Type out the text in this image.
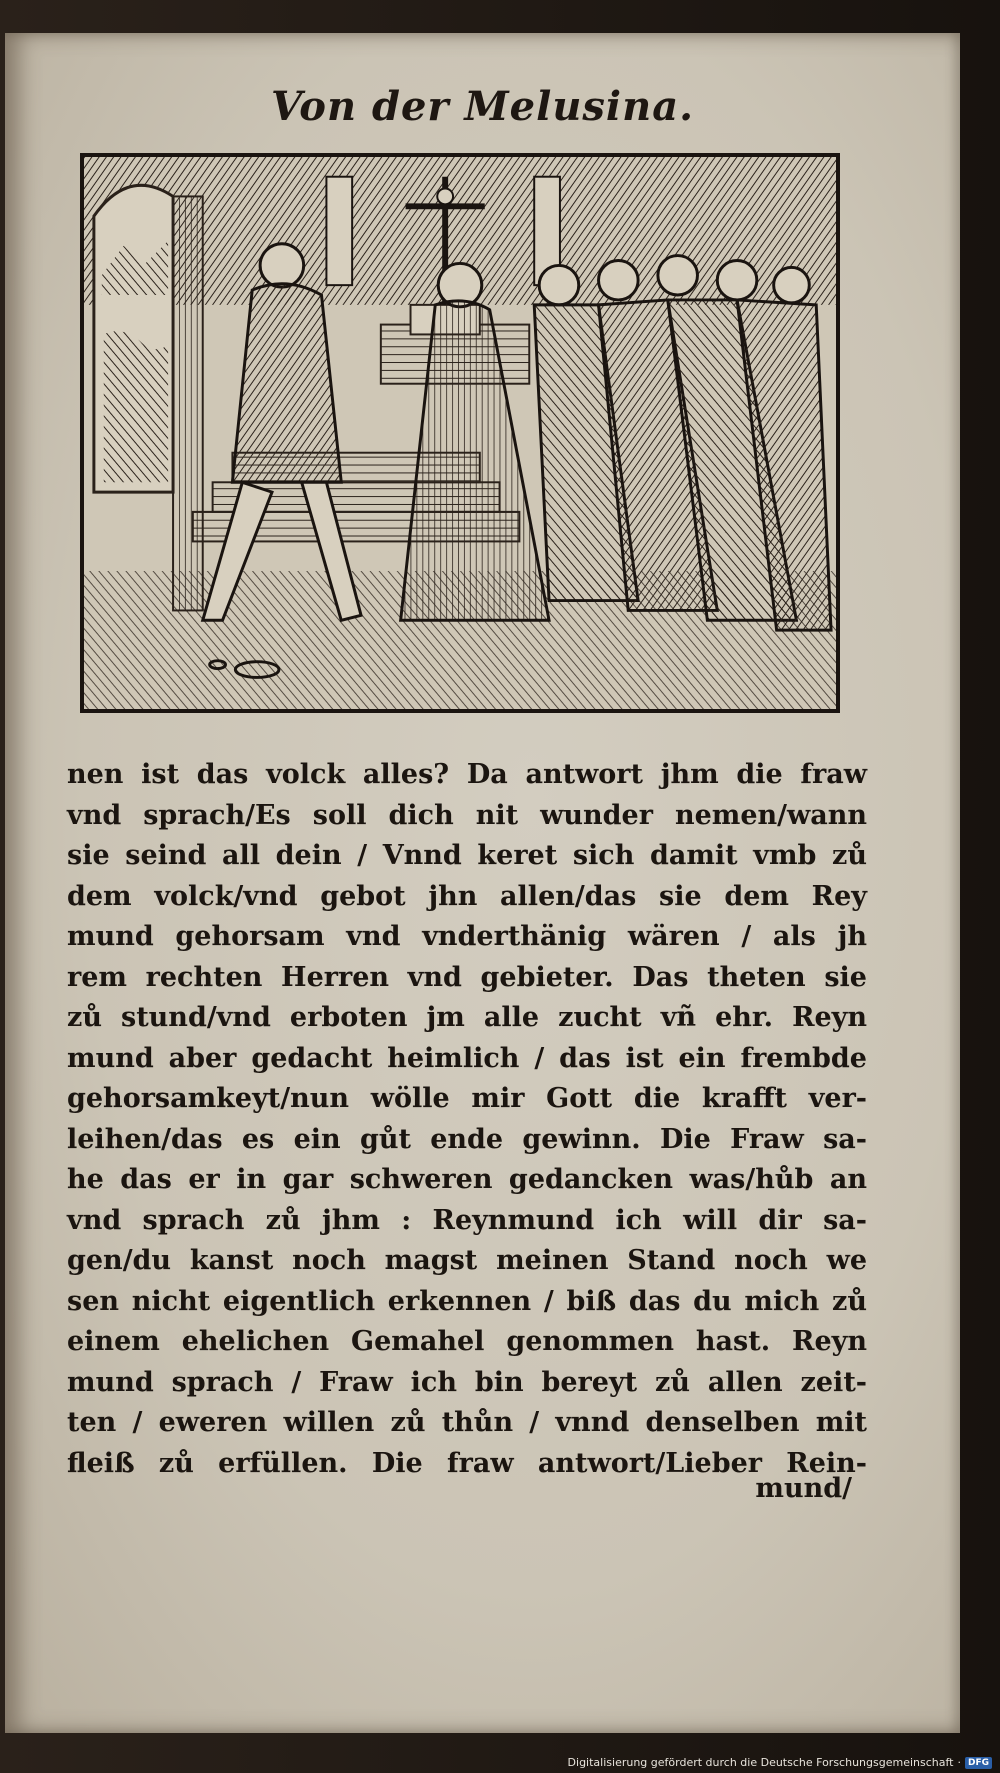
Von der Melusina.
nen ist das volck alles? Da antwort jhm die fraw
vnd sprach/Es soll dich nit wunder nemen/wann
sie seind all dein / Vnnd keret sich damit vmb zů
dem volck/vnd gebot jhn allen/das sie dem Rey
mund gehorsam vnd vnderthänig wären / als jh
rem rechten Herren vnd gebieter. Das theten sie
zů stund/vnd erboten jm alle zucht vñ ehr. Reyn
mund aber gedacht heimlich / das ist ein frembde
gehorsamkeyt/nun wölle mir Gott die krafft ver-
leihen/das es ein gůt ende gewinn. Die Fraw sa-
he das er in gar schweren gedancken was/hůb an
vnd sprach zů jhm : Reynmund ich will dir sa-
gen/du kanst noch magst meinen Stand noch we
sen nicht eigentlich erkennen / biß das du mich zů
einem ehelichen Gemahel genommen hast. Reyn
mund sprach / Fraw ich bin bereyt zů allen zeit-
ten / eweren willen zů thůn / vnnd denselben mit
fleiß zů erfüllen. Die fraw antwort/Lieber Rein-
mund/
Digitalisierung gefördert durch die Deutsche Forschungsgemeinschaft · DFG
